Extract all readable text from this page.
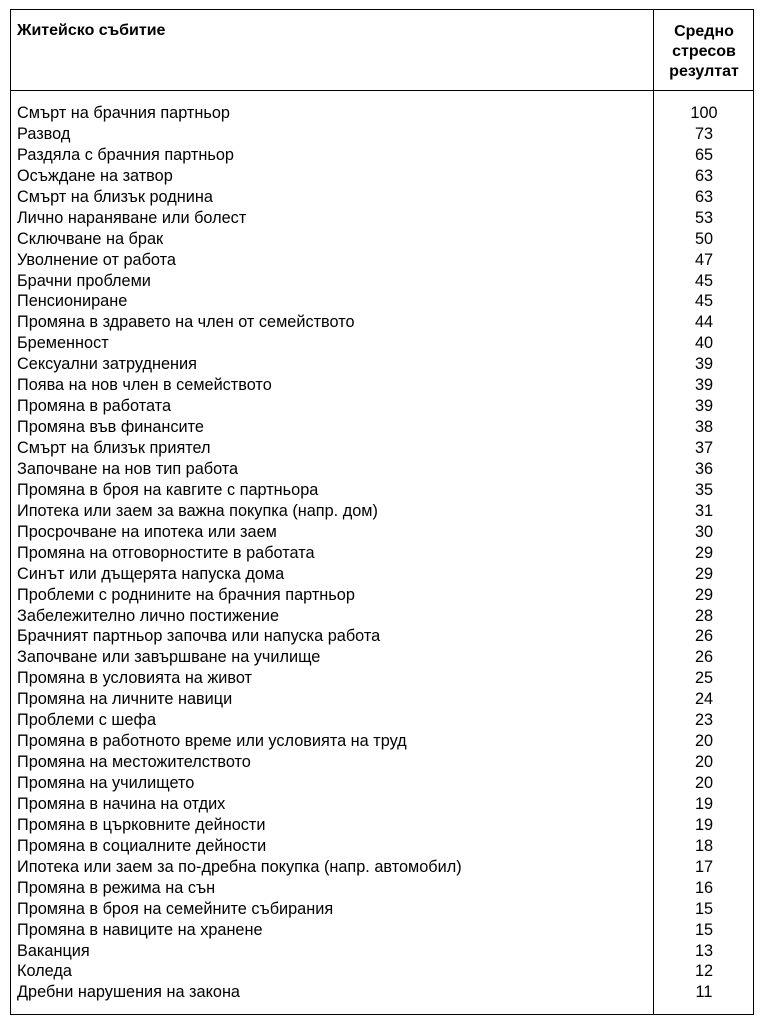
Житейско събитие	Средно
стресов
резултат
Смърт на брачния партньор	100
Развод	73
Раздяла с брачния партньор	65
Осъждане на затвор	63
Смърт на близък роднина	63
Лично нараняване или болест	53
Сключване на брак	50
Уволнение от работа	47
Брачни проблеми	45
Пенсиониране	45
Промяна в здравето на член от семейството	44
Бременност	40
Сексуални затруднения	39
Поява на нов член в семейството	39
Промяна в работата	39
Промяна във финансите	38
Смърт на близък приятел	37
Започване на нов тип работа	36
Промяна в броя на кавгите с партньора	35
Ипотека или заем за важна покупка (напр. дом)	31
Просрочване на ипотека или заем	30
Промяна на отговорностите в работата	29
Синът или дъщерята напуска дома	29
Проблеми с роднините на брачния партньор	29
Забележително лично постижение	28
Брачният партньор започва или напуска работа	26
Започване или завършване на училище	26
Промяна в условията на живот	25
Промяна на личните навици	24
Проблеми с шефа	23
Промяна в работното време или условията на труд	20
Промяна на местожителството	20
Промяна на училището	20
Промяна в начина на отдих	19
Промяна в църковните дейности	19
Промяна в социалните дейности	18
Ипотека или заем за по-дребна покупка (напр. автомобил)	17
Промяна в режима на сън	16
Промяна в броя на семейните събирания	15
Промяна в навиците на хранене	15
Ваканция	13
Коледа	12
Дребни нарушения на закона	11
